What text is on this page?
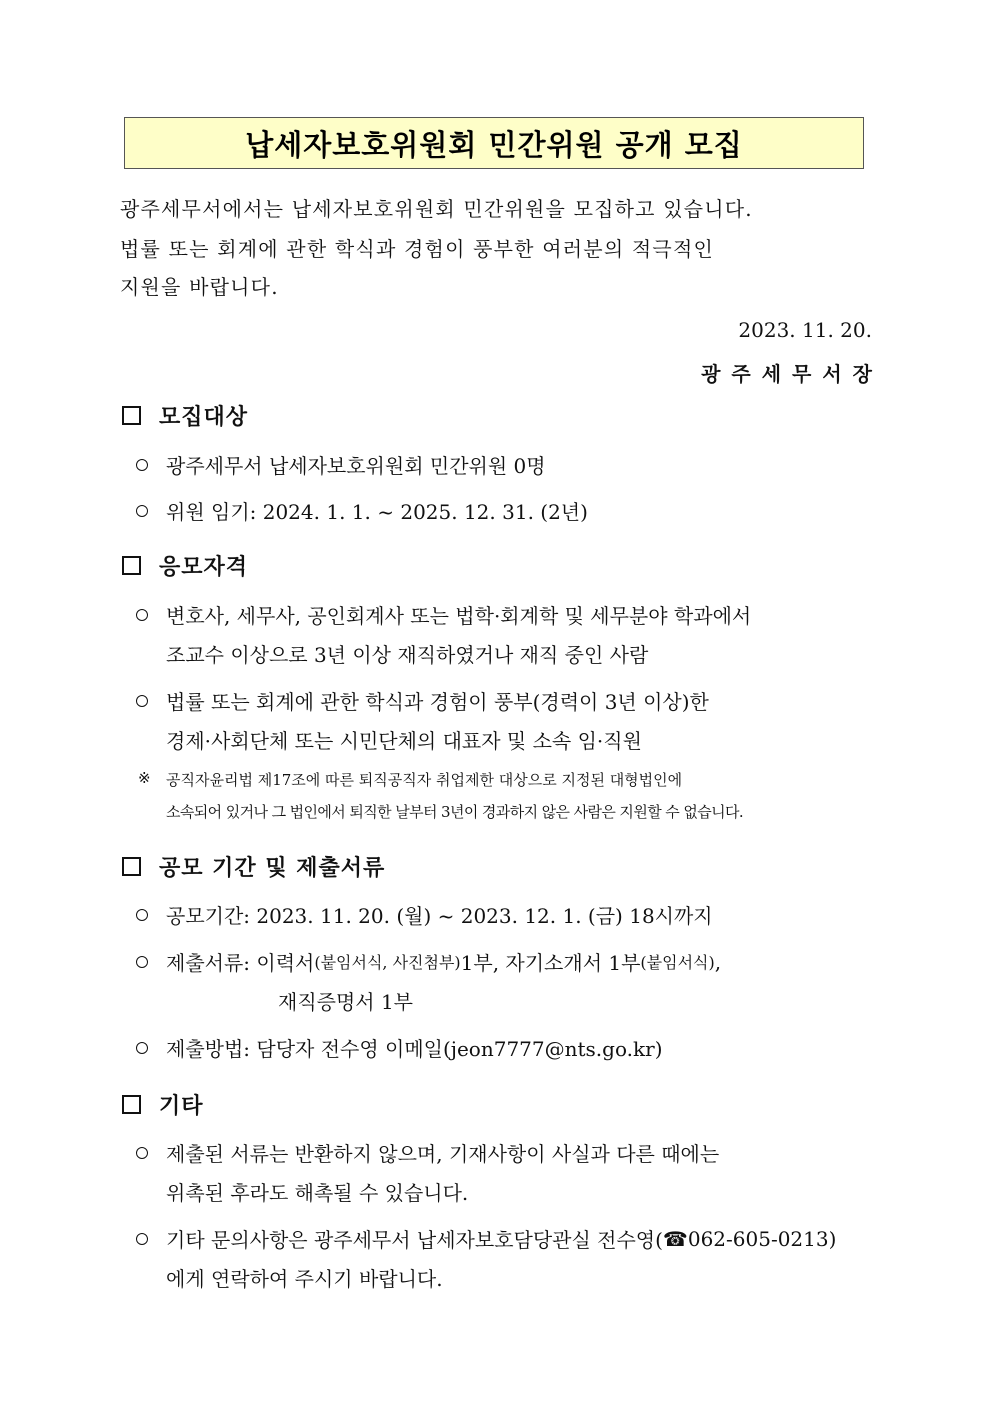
납세자보호위원회 민간위원 공개 모집
광주세무서에서는 납세자보호위원회 민간위원을 모집하고 있습니다.
법률 또는 회계에 관한 학식과 경험이 풍부한 여러분의 적극적인
지원을 바랍니다.
2023. 11. 20.
광주세무서장
모집대상
광주세무서 납세자보호위원회 민간위원 0명
위원 임기: 2024. 1. 1. ~ 2025. 12. 31. (2년)
응모자격
변호사, 세무사, 공인회계사 또는 법학·회계학 및 세무분야 학과에서
조교수 이상으로 3년 이상 재직하였거나 재직 중인 사람
법률 또는 회계에 관한 학식과 경험이 풍부(경력이 3년 이상)한
경제·사회단체 또는 시민단체의 대표자 및 소속 임·직원
※	공직자윤리법 제17조에 따른 퇴직공직자 취업제한 대상으로 지정된 대형법인에
소속되어 있거나 그 법인에서 퇴직한 날부터 3년이 경과하지 않은 사람은 지원할 수 없습니다.
공모 기간 및 제출서류
공모기간: 2023. 11. 20. (월) ~ 2023. 12. 1. (금) 18시까지
제출서류: 이력서 (붙임서식, 사진첨부) 1부, 자기소개서 1부 (붙임서식) ,
재직증명서 1부
제출방법: 담당자 전수영 이메일(jeon7777@nts.go.kr)
기타
제출된 서류는 반환하지 않으며, 기재사항이 사실과 다른 때에는
위촉된 후라도 해촉될 수 있습니다.
기타 문의사항은 광주세무서 납세자보호담당관실 전수영( ☎ 062-605-0213)
에게 연락하여 주시기 바랍니다.
